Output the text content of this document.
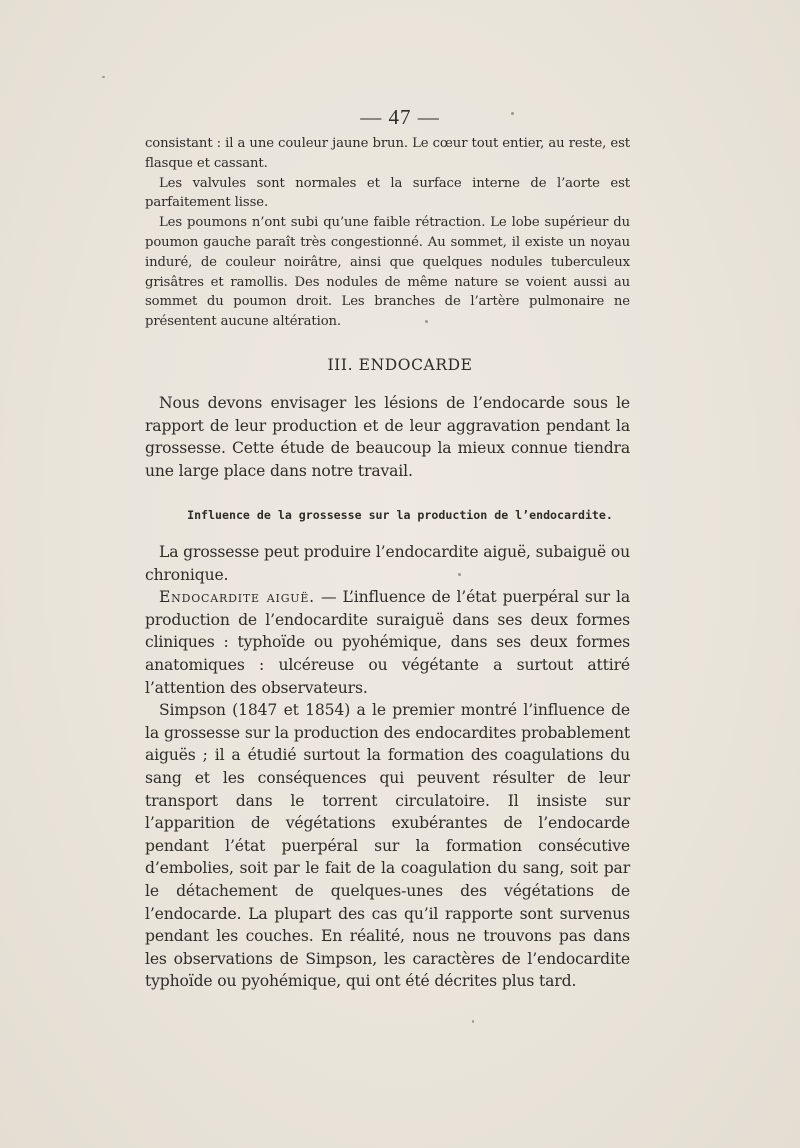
— 47 —

consistant : il a une couleur jaune brun. Le cœur tout entier, au reste, est flasque et cassant.

Les valvules sont normales et la surface interne de l’aorte est parfaitement lisse.

Les poumons n’ont subi qu’une faible rétraction. Le lobe supérieur du poumon gauche paraît très congestionné. Au sommet, il existe un noyau induré, de couleur noirâtre, ainsi que quelques nodules tuberculeux grisâtres et ramollis. Des nodules de même nature se voient aussi au sommet du poumon droit. Les branches de l’artère pulmonaire ne présentent aucune altération.

III. ENDOCARDE

Nous devons envisager les lésions de l’endocarde sous le rapport de leur production et de leur aggravation pendant la grossesse. Cette étude de beaucoup la mieux connue tiendra une large place dans notre travail.

Influence de la grossesse sur la production de l’endocardite.

La grossesse peut produire l’endocardite aiguë, subaiguë ou chronique.

Endocardite aiguë. — L’influence de l’état puerpéral sur la production de l’endocardite suraiguë dans ses deux formes cliniques : typhoïde ou pyohémique, dans ses deux formes anatomiques : ulcéreuse ou végétante a surtout attiré l’attention des observateurs.

Simpson (1847 et 1854) a le premier montré l’influence de la grossesse sur la production des endocardites probablement aiguës ; il a étudié surtout la formation des coagulations du sang et les conséquences qui peuvent résulter de leur transport dans le torrent circulatoire. Il insiste sur l’apparition de végétations exubérantes de l’endocarde pendant l’état puerpéral sur la formation consécutive d’embolies, soit par le fait de la coagulation du sang, soit par le détachement de quelques-unes des végétations de l’endocarde. La plupart des cas qu’il rapporte sont survenus pendant les couches. En réalité, nous ne trouvons pas dans les observations de Simpson, les caractères de l’endocardite typhoïde ou pyohémique, qui ont été décrites plus tard.
